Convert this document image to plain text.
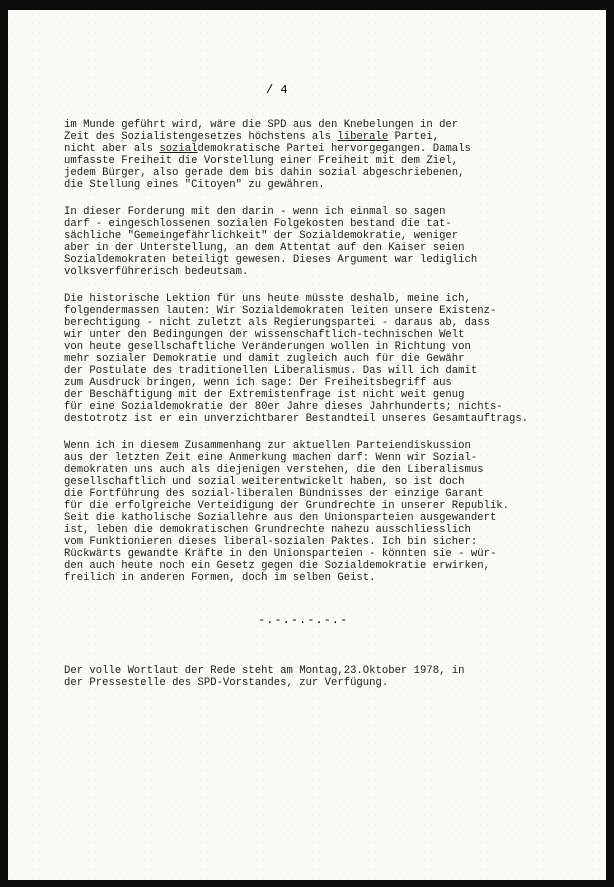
/ 4
im Munde geführt wird, wäre die SPD aus den Knebelungen in der
Zeit des Sozialistengesetzes höchstens als liberale Partei,
nicht aber als sozialdemokratische Partei hervorgegangen. Damals
umfasste Freiheit die Vorstellung einer Freiheit mit dem Ziel,
jedem Bürger, also gerade dem bis dahin sozial abgeschriebenen,
die Stellung eines "Citoyen" zu gewähren.
In dieser Forderung mit den darin - wenn ich einmal so sagen
darf - eingeschlossenen sozialen Folgekosten bestand die tat-
sächliche "Gemeingefährlichkeit" der Sozialdemokratie, weniger
aber in der Unterstellung, an dem Attentat auf den Kaiser seien
Sozialdemokraten beteiligt gewesen. Dieses Argument war lediglich
volksverführerisch bedeutsam.
Die historische Lektion für uns heute müsste deshalb, meine ich,
folgendermassen lauten: Wir Sozialdemokraten leiten unsere Existenz-
berechtigung - nicht zuletzt als Regierungspartei - daraus ab, dass
wir unter den Bedingungen der wissenschaftlich-technischen Welt
von heute gesellschaftliche Veränderungen wollen in Richtung von
mehr sozialer Demokratie und damit zugleich auch für die Gewähr
der Postulate des traditionellen Liberalismus. Das will ich damit
zum Ausdruck bringen, wenn ich sage: Der Freiheitsbegriff aus
der Beschäftigung mit der Extremistenfrage ist nicht weit genug
für eine Sozialdemokratie der 80er Jahre dieses Jahrhunderts; nichts-
destotrotz ist er ein unverzichtbarer Bestandteil unseres Gesamtauftrags.
Wenn ich in diesem Zusammenhang zur aktuellen Parteiendiskussion
aus der letzten Zeit eine Anmerkung machen darf: Wenn wir Sozial-
demokraten uns auch als diejenigen verstehen, die den Liberalismus
gesellschaftlich und sozial weiterentwickelt haben, so ist doch
die Fortführung des sozial-liberalen Bündnisses der einzige Garant
für die erfolgreiche Verteidigung der Grundrechte in unserer Republik.
Seit die katholische Soziallehre aus den Unionsparteien ausgewandert
ist, leben die demokratischen Grundrechte nahezu ausschliesslich
vom Funktionieren dieses liberal-sozialen Paktes. Ich bin sicher:
Rückwärts gewandte Kräfte in den Unionsparteien - könnten sie - wür-
den auch heute noch ein Gesetz gegen die Sozialdemokratie erwirken,
freilich in anderen Formen, doch im selben Geist.
Der volle Wortlaut der Rede steht am Montag,23.Oktober 1978, in
der Pressestelle des SPD-Vorstandes, zur Verfügung.
-.-.-.-.-.-
